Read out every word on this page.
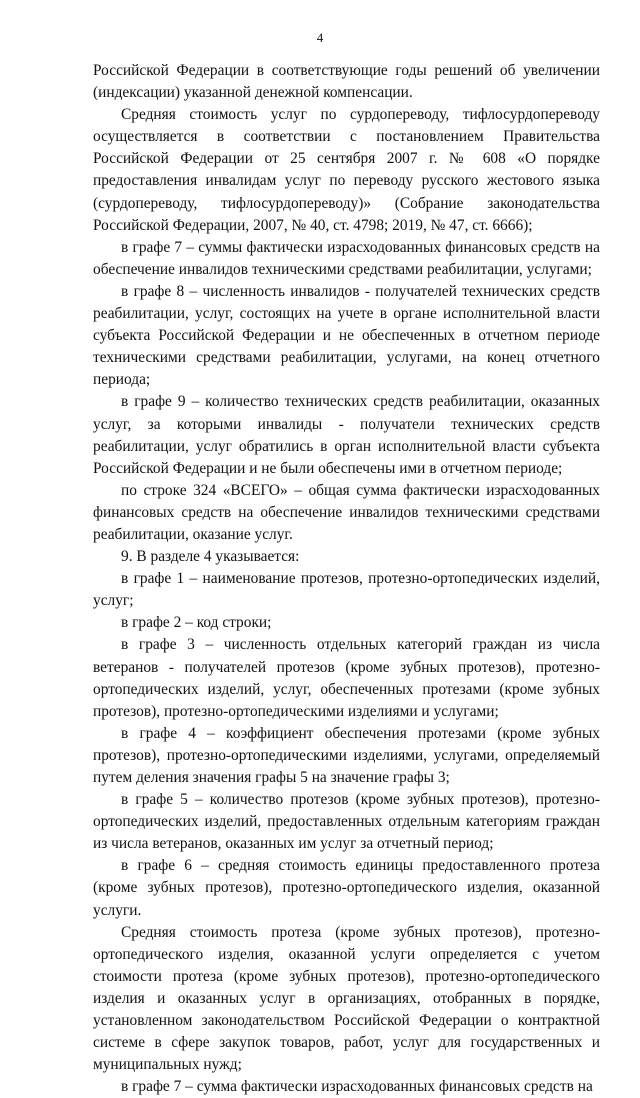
4

Российской Федерации в соответствующие годы решений об увеличении (индексации) указанной денежной компенсации.

Средняя стоимость услуг по сурдопереводу, тифлосурдопереводу осуществляется в соответствии с постановлением Правительства Российской Федерации от 25 сентября 2007 г. № 608 «О порядке предоставления инвалидам услуг по переводу русского жестового языка (сурдопереводу, тифлосурдопереводу)» (Собрание законодательства Российской Федерации, 2007, № 40, ст. 4798; 2019, № 47, ст. 6666);

в графе 7 – суммы фактически израсходованных финансовых средств на обеспечение инвалидов техническими средствами реабилитации, услугами;

в графе 8 – численность инвалидов - получателей технических средств реабилитации, услуг, состоящих на учете в органе исполнительной власти субъекта Российской Федерации и не обеспеченных в отчетном периоде техническими средствами реабилитации, услугами, на конец отчетного периода;

в графе 9 – количество технических средств реабилитации, оказанных услуг, за которыми инвалиды - получатели технических средств реабилитации, услуг обратились в орган исполнительной власти субъекта Российской Федерации и не были обеспечены ими в отчетном периоде;

по строке 324 «ВСЕГО» – общая сумма фактически израсходованных финансовых средств на обеспечение инвалидов техническими средствами реабилитации, оказание услуг.

9. В разделе 4 указывается:

в графе 1 – наименование протезов, протезно-ортопедических изделий, услуг;

в графе 2 – код строки;

в графе 3 – численность отдельных категорий граждан из числа ветеранов - получателей протезов (кроме зубных протезов), протезно-ортопедических изделий, услуг, обеспеченных протезами (кроме зубных протезов), протезно-ортопедическими изделиями и услугами;

в графе 4 – коэффициент обеспечения протезами (кроме зубных протезов), протезно-ортопедическими изделиями, услугами, определяемый путем деления значения графы 5 на значение графы 3;

в графе 5 – количество протезов (кроме зубных протезов), протезно-ортопедических изделий, предоставленных отдельным категориям граждан из числа ветеранов, оказанных им услуг за отчетный период;

в графе 6 – средняя стоимость единицы предоставленного протеза (кроме зубных протезов), протезно-ортопедического изделия, оказанной услуги.

Средняя стоимость протеза (кроме зубных протезов), протезно-ортопедического изделия, оказанной услуги определяется с учетом стоимости протеза (кроме зубных протезов), протезно-ортопедического изделия и оказанных услуг в организациях, отобранных в порядке, установленном законодательством Российской Федерации о контрактной системе в сфере закупок товаров, работ, услуг для государственных и муниципальных нужд;

в графе 7 – сумма фактически израсходованных финансовых средств на
